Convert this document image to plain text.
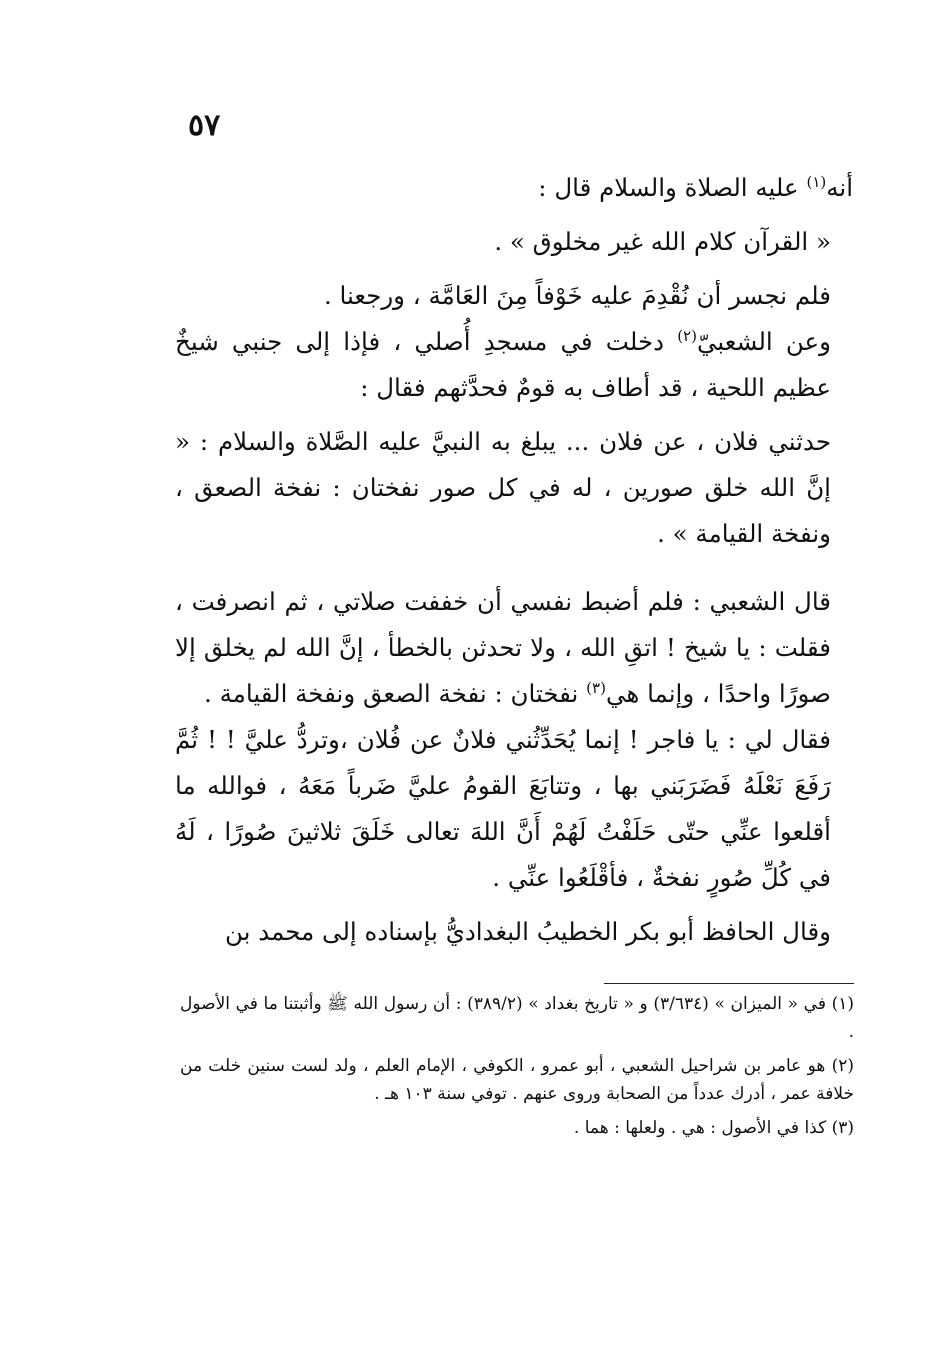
٥٧

أنه$^{(١)}$ عليه الصلاة والسلام قال :

« القرآن كلام الله غير مخلوق » .

فلم نجسر أن نُقْدِمَ عليه خَوْفاً مِنَ العَامَّة ، ورجعنا .

وعن الشعبيّ$^{(٢)}$ دخلت في مسجدِ أُصلي ، فإذا إلى جنبي شيخٌ عظيم اللحية ، قد أطاف به قومٌ فحدَّثهم فقال :

حدثني فلان ، عن فلان ... يبلغ به النبيَّ عليه الصَّلاة والسلام : « إنَّ الله خلق صورين ، له في كل صور نفختان : نفخة الصعق ، ونفخة القيامة » .

قال الشعبي : فلم أضبط نفسي أن خففت صلاتي ، ثم انصرفت ، فقلت : يا شيخ ! اتقِ الله ، ولا تحدثن بالخطأ ، إنَّ الله لم يخلق إلا صورًا واحدًا ، وإنما هي$^{(٣)}$ نفختان : نفخة الصعق ونفخة القيامة .

فقال لي : يا فاجر ! إنما يُحَدِّثُني فلانٌ عن فُلان ،وتردُّ عليَّ ! ! ثُمَّ رَفَعَ نَعْلَهُ فَضَرَبَني بها ، وتتابَعَ القومُ عليَّ ضَرباً مَعَهُ ، فوالله ما أقلعوا عنِّي حتّى حَلَفْتُ لَهُمْ أَنَّ اللهَ تعالى خَلَقَ ثلاثينَ صُورًا ، لَهُ في كُلِّ صُورٍ نفخةٌ ، فأقْلَعُوا عنِّي .

وقال الحافظ أبو بكر الخطيبُ البغداديُّ بإسناده إلى محمد بن

(١) في « الميزان » (٣/٦٣٤) و « تاريخ بغداد » (٣٨٩/٢) : أن رسول الله ﷺ وأثبتنا ما في الأصول .

(٢) هو عامر بن شراحيل الشعبي ، أبو عمرو ، الكوفي ، الإمام العلم ، ولد لست سنين خلت من خلافة عمر ، أدرك عدداً من الصحابة وروى عنهم . توفي سنة ١٠٣ هـ .

(٣) كذا في الأصول : هي . ولعلها : هما .
